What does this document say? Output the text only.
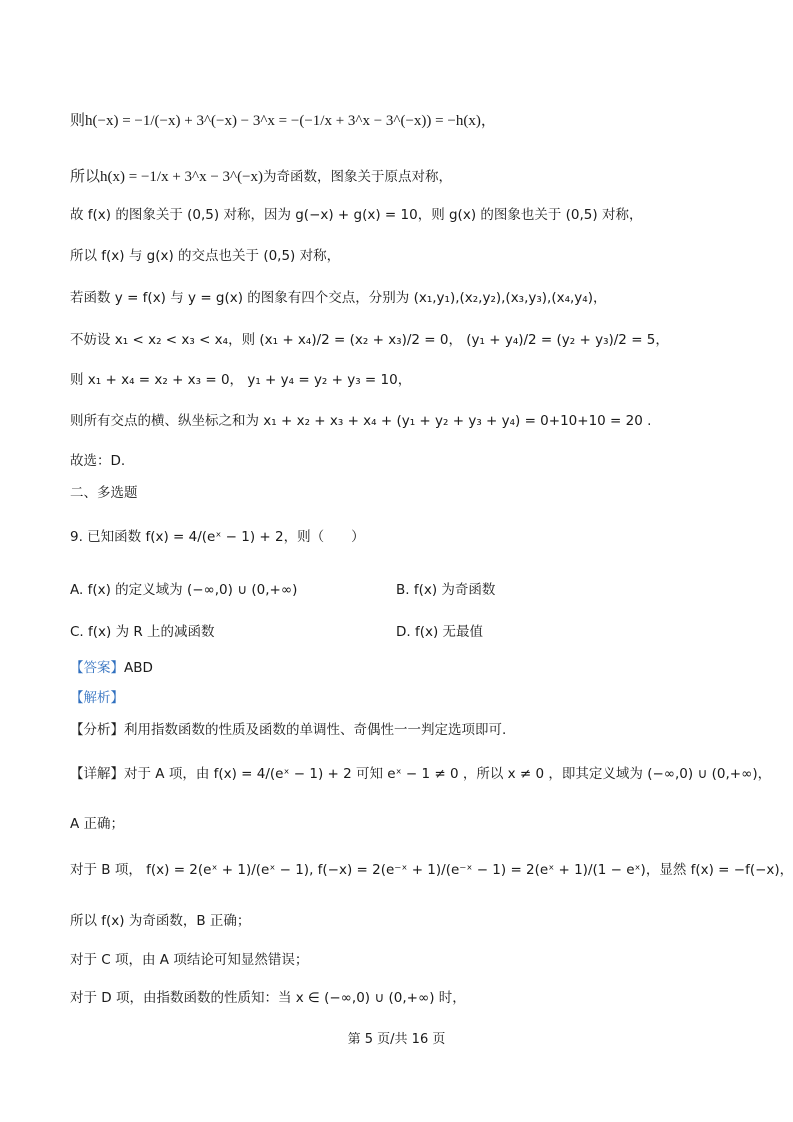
则h(−x) = −1/(−x) + 3^(−x) − 3^x = −(−1/x + 3^x − 3^(−x)) = −h(x)，
所以h(x) = −1/x + 3^x − 3^(−x)为奇函数，图象关于原点对称，
故 f(x) 的图象关于 (0,5) 对称，因为 g(−x) + g(x) = 10，则 g(x) 的图象也关于 (0,5) 对称，
所以 f(x) 与 g(x) 的交点也关于 (0,5) 对称，
若函数 y = f(x) 与 y = g(x) 的图象有四个交点，分别为 (x₁,y₁),(x₂,y₂),(x₃,y₃),(x₄,y₄)，
不妨设 x₁ < x₂ < x₃ < x₄，则 (x₁ + x₄)/2 = (x₂ + x₃)/2 = 0， (y₁ + y₄)/2 = (y₂ + y₃)/2 = 5，
则 x₁ + x₄ = x₂ + x₃ = 0， y₁ + y₄ = y₂ + y₃ = 10，
则所有交点的横、纵坐标之和为 x₁ + x₂ + x₃ + x₄ + (y₁ + y₂ + y₃ + y₄) = 0+10+10 = 20 .
故选：D.
二、多选题
9. 已知函数 f(x) = 4/(eˣ − 1) + 2，则（　　）
A. f(x) 的定义域为 (−∞,0) ∪ (0,+∞)	B. f(x) 为奇函数
C. f(x) 为 R 上的减函数	D. f(x) 无最值
【答案】ABD
【解析】
【分析】利用指数函数的性质及函数的单调性、奇偶性一一判定选项即可.
【详解】对于 A 项，由 f(x) = 4/(eˣ − 1) + 2 可知 eˣ − 1 ≠ 0 ，所以 x ≠ 0 ，即其定义域为 (−∞,0) ∪ (0,+∞)，
A 正确；
对于 B 项， f(x) = 2(eˣ + 1)/(eˣ − 1), f(−x) = 2(e⁻ˣ + 1)/(e⁻ˣ − 1) = 2(eˣ + 1)/(1 − eˣ)，显然 f(x) = −f(−x)，
所以 f(x) 为奇函数，B 正确；
对于 C 项，由 A 项结论可知显然错误；
对于 D 项，由指数函数的性质知：当 x ∈ (−∞,0) ∪ (0,+∞) 时，
第 5 页/共 16 页
